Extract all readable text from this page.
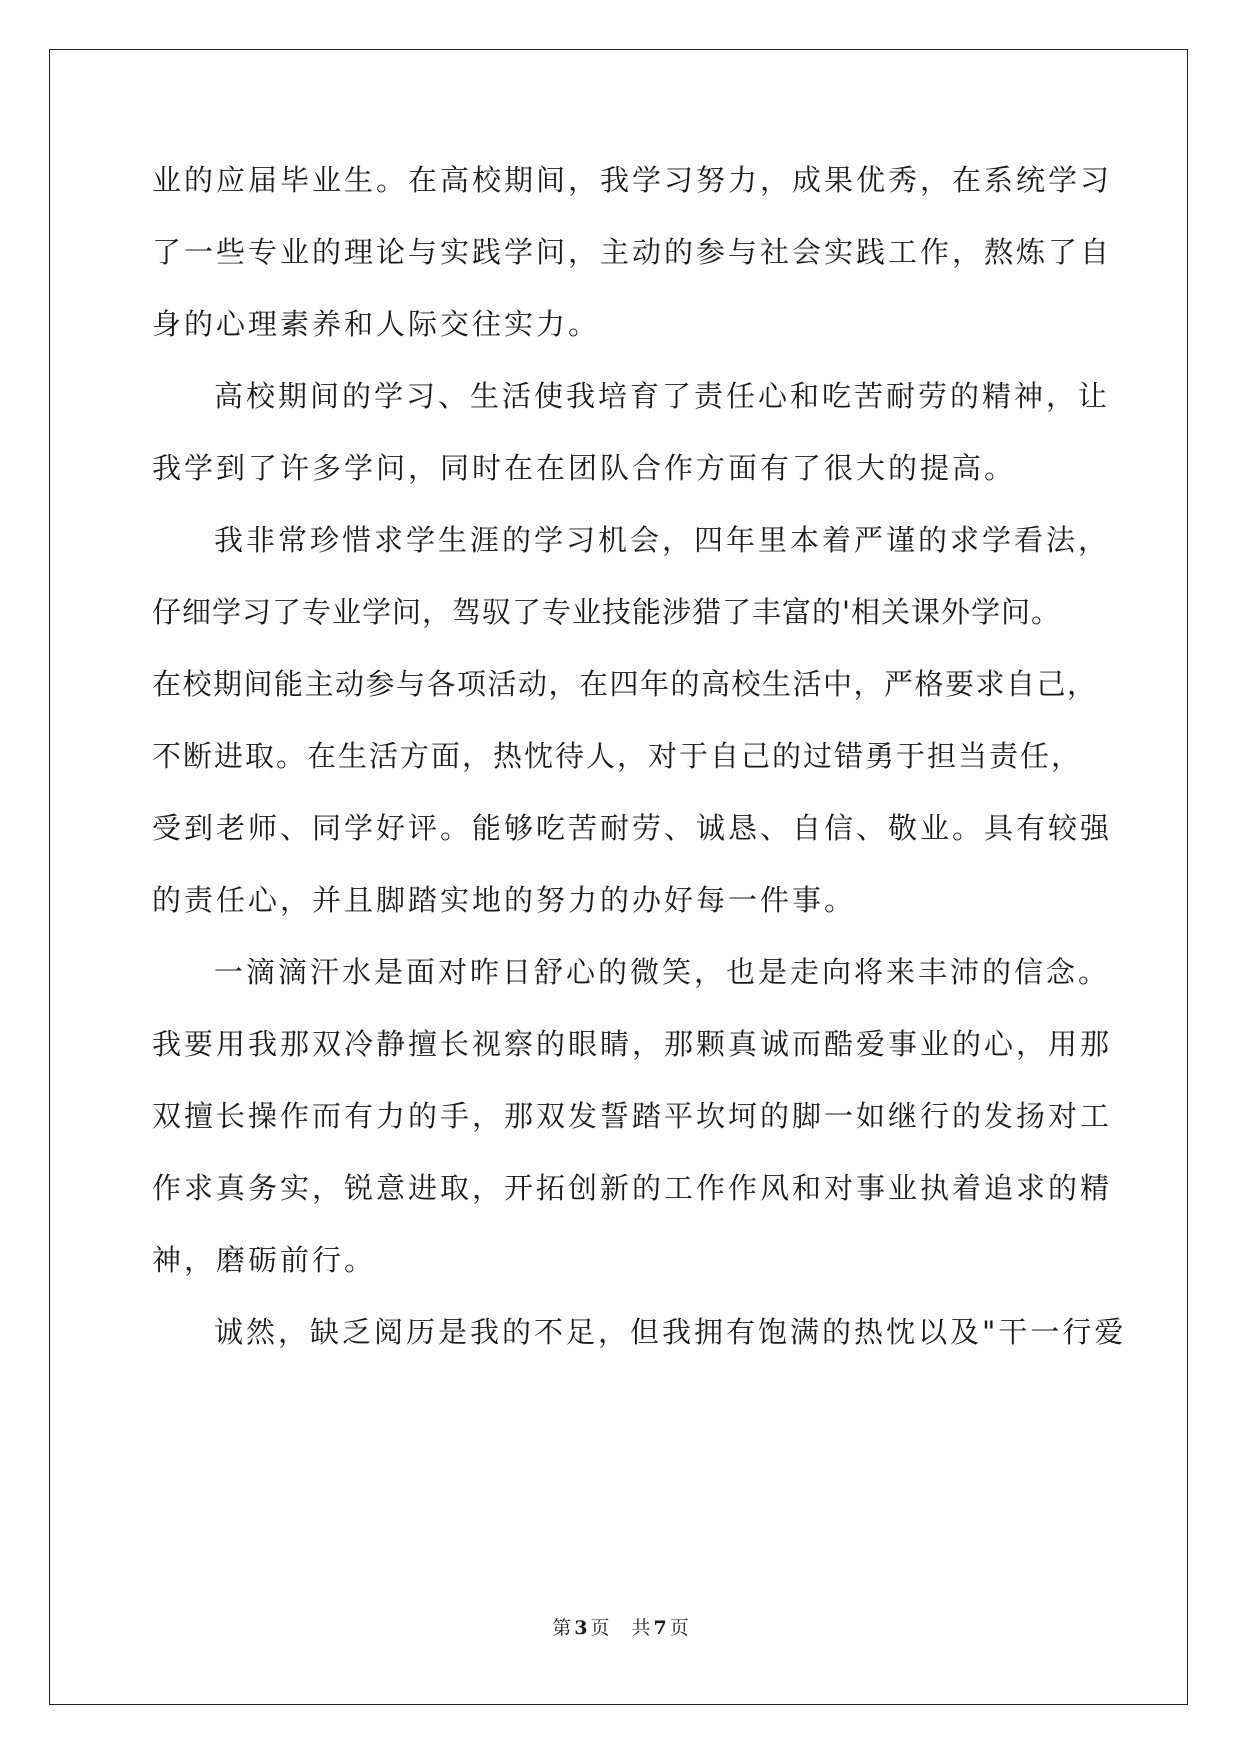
业的应届毕业生。在高校期间，我学习努力，成果优秀，在系统学习
了一些专业的理论与实践学问，主动的参与社会实践工作，熬炼了自
身的心理素养和人际交往实力。
高校期间的学习、生活使我培育了责任心和吃苦耐劳的精神，让
我学到了许多学问，同时在在团队合作方面有了很大的提高。
我非常珍惜求学生涯的学习机会，四年里本着严谨的求学看法，
仔细学习了专业学问，驾驭了专业技能涉猎了丰富的'相关课外学问。
在校期间能主动参与各项活动，在四年的高校生活中，严格要求自己，
不断进取。在生活方面，热忱待人，对于自己的过错勇于担当责任，
受到老师、同学好评。能够吃苦耐劳、诚恳、自信、敬业。具有较强
的责任心，并且脚踏实地的努力的办好每一件事。
一滴滴汗水是面对昨日舒心的微笑，也是走向将来丰沛的信念。
我要用我那双冷静擅长视察的眼睛，那颗真诚而酷爱事业的心，用那
双擅长操作而有力的手，那双发誓踏平坎坷的脚一如继行的发扬对工
作求真务实，锐意进取，开拓创新的工作作风和对事业执着追求的精
神，磨砺前行。
诚然，缺乏阅历是我的不足，但我拥有饱满的热忱以及"干一行爱
第 3 页 共 7 页
